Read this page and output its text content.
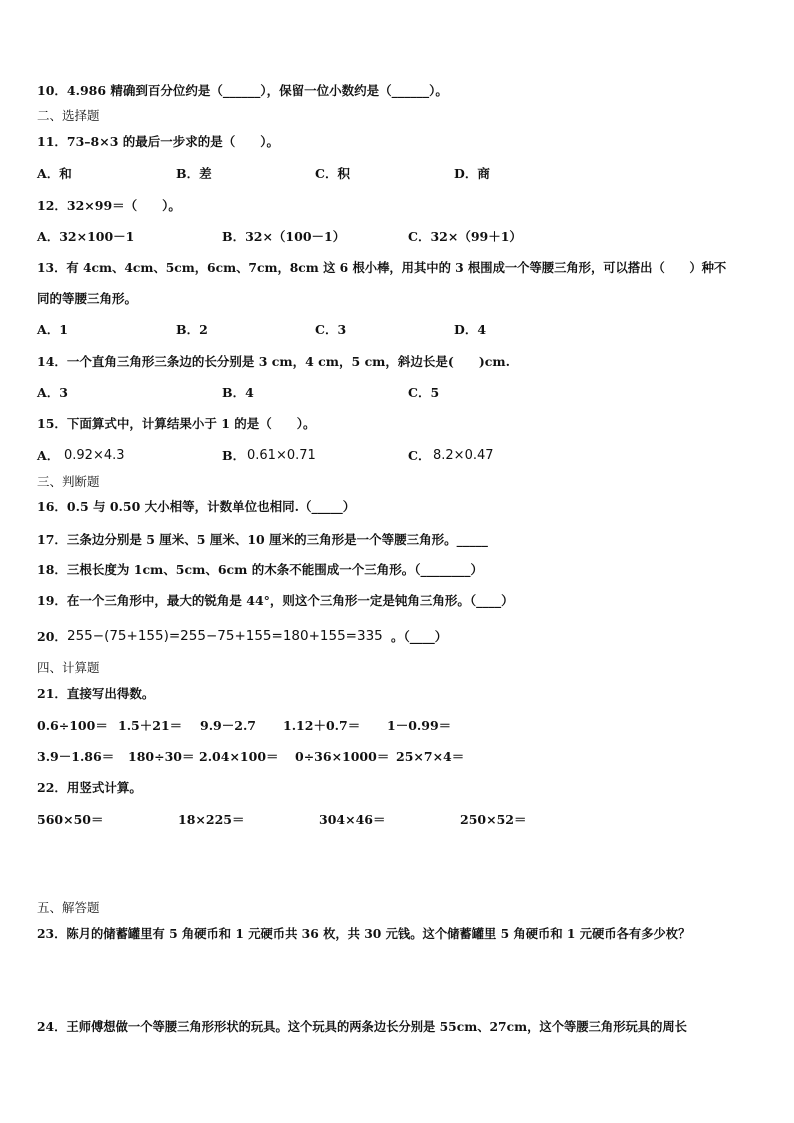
10．4.986 精确到百分位约是（______），保留一位小数约是（______）。
二、选择题
11．73–8×3 的最后一步求的是（　　）。
A．和	B．差	C．积	D．商
12．32×99＝（　　）。
A．32×100－1	B．32×（100－1）	C．32×（99＋1）
13．有 4cm、4cm、5cm，6cm、7cm，8cm 这 6 根小棒，用其中的 3 根围成一个等腰三角形，可以搭出（　　）种不
同的等腰三角形。
A．1	B．2	C．3	D．4
14．一个直角三角形三条边的长分别是 3 cm，4 cm，5 cm，斜边长是(　　)cm.
A．3	B．4	C．5
15．下面算式中，计算结果小于 1 的是（　　）。
A． 0.92×4.3	B． 0.61×0.71	C． 8.2×0.47
三、判断题
16．0.5 与 0.50 大小相等，计数单位也相同.（_____）
17．三条边分别是 5 厘米、5 厘米、10 厘米的三角形是一个等腰三角形。_____
18．三根长度为 1cm、5cm、6cm 的木条不能围成一个三角形。（________）
19．在一个三角形中，最大的锐角是 44°，则这个三角形一定是钝角三角形。（____）
20． 255−(75+155)=255−75+155=180+155=335 。（____）
四、计算题
21．直接写出得数。
0.6÷100＝ 1.5＋21＝ 9.9－2.7 1.12＋0.7＝ 1－0.99＝
3.9－1.86＝ 180÷30＝ 2.04×100＝ 0÷36×1000＝ 25×7×4＝
22．用竖式计算。
560×50＝	18×225＝	304×46＝	250×52＝
五、解答题
23．陈月的储蓄罐里有 5 角硬币和 1 元硬币共 36 枚，共 30 元钱。这个储蓄罐里 5 角硬币和 1 元硬币各有多少枚？
24．王师傅想做一个等腰三角形形状的玩具。这个玩具的两条边长分别是 55cm、27cm，这个等腰三角形玩具的周长
